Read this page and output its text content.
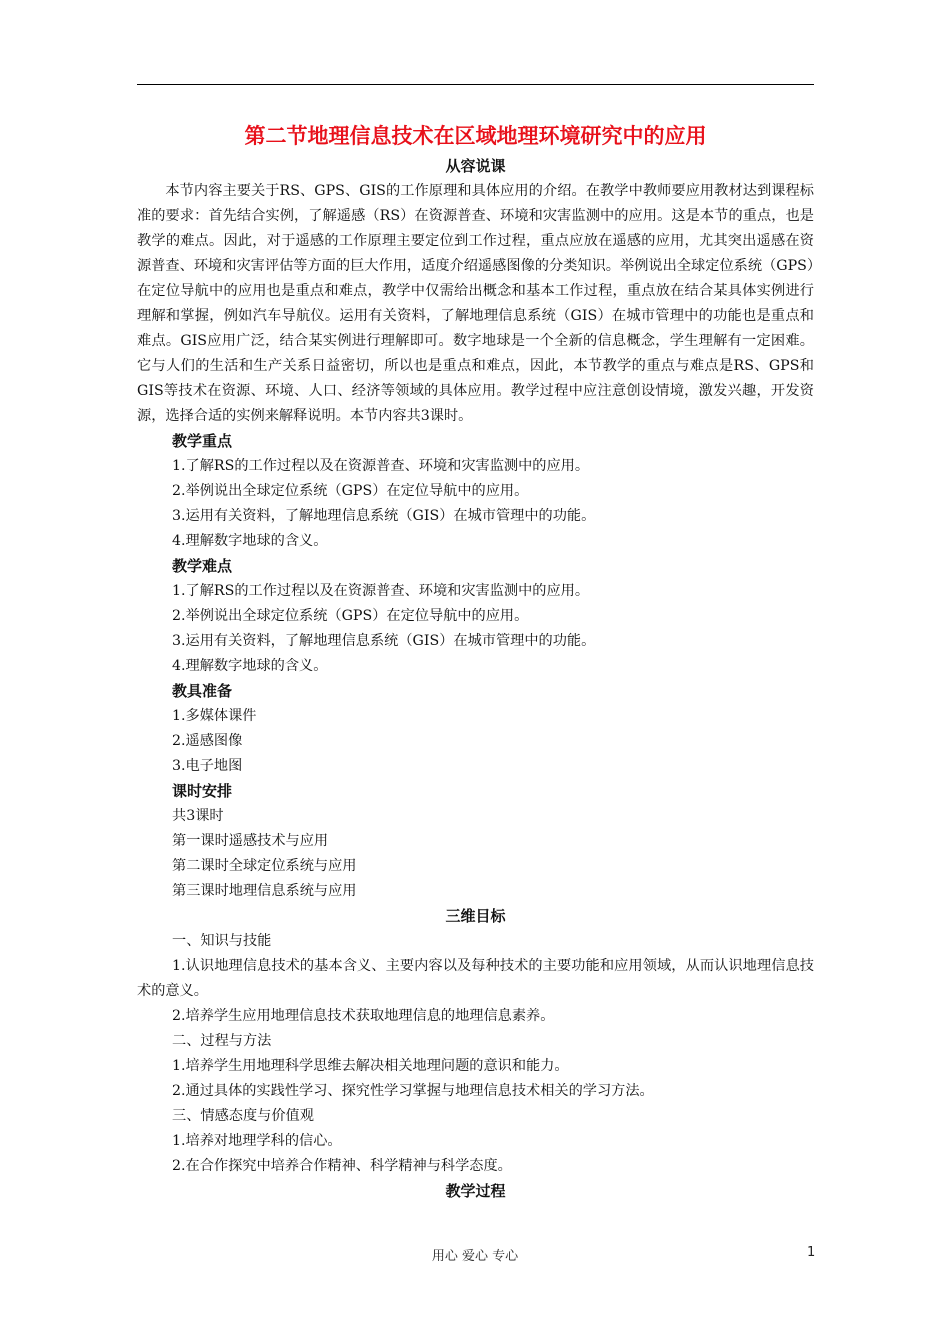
第二节地理信息技术在区域地理环境研究中的应用
从容说课

本节内容主要关于RS、GPS、GIS的工作原理和具体应用的介绍。在教学中教师要应用教材达到课程标准的要求：首先结合实例，了解遥感（RS）在资源普查、环境和灾害监测中的应用。这是本节的重点，也是教学的难点。因此，对于遥感的工作原理主要定位到工作过程，重点应放在遥感的应用，尤其突出遥感在资源普查、环境和灾害评估等方面的巨大作用，适度介绍遥感图像的分类知识。举例说出全球定位系统（GPS）在定位导航中的应用也是重点和难点，教学中仅需给出概念和基本工作过程，重点放在结合某具体实例进行理解和掌握，例如汽车导航仪。运用有关资料，了解地理信息系统（GIS）在城市管理中的功能也是重点和难点。GIS应用广泛，结合某实例进行理解即可。数字地球是一个全新的信息概念，学生理解有一定困难。它与人们的生活和生产关系日益密切，所以也是重点和难点，因此，本节教学的重点与难点是RS、GPS和GIS等技术在资源、环境、人口、经济等领域的具体应用。教学过程中应注意创设情境，激发兴趣，开发资源，选择合适的实例来解释说明。本节内容共3课时。

教学重点
1.了解RS的工作过程以及在资源普查、环境和灾害监测中的应用。
2.举例说出全球定位系统（GPS）在定位导航中的应用。
3.运用有关资料，了解地理信息系统（GIS）在城市管理中的功能。
4.理解数字地球的含义。
教学难点
1.了解RS的工作过程以及在资源普查、环境和灾害监测中的应用。
2.举例说出全球定位系统（GPS）在定位导航中的应用。
3.运用有关资料，了解地理信息系统（GIS）在城市管理中的功能。
4.理解数字地球的含义。
教具准备
1.多媒体课件
2.遥感图像
3.电子地图
课时安排
共3课时
第一课时遥感技术与应用
第二课时全球定位系统与应用
第三课时地理信息系统与应用
三维目标
一、知识与技能

1.认识地理信息技术的基本含义、主要内容以及每种技术的主要功能和应用领域，从而认识地理信息技术的意义。

2.培养学生应用地理信息技术获取地理信息的地理信息素养。
二、过程与方法
1.培养学生用地理科学思维去解决相关地理问题的意识和能力。
2.通过具体的实践性学习、探究性学习掌握与地理信息技术相关的学习方法。
三、情感态度与价值观
1.培养对地理学科的信心。
2.在合作探究中培养合作精神、科学精神与科学态度。
教学过程
用心 爱心 专心	1
